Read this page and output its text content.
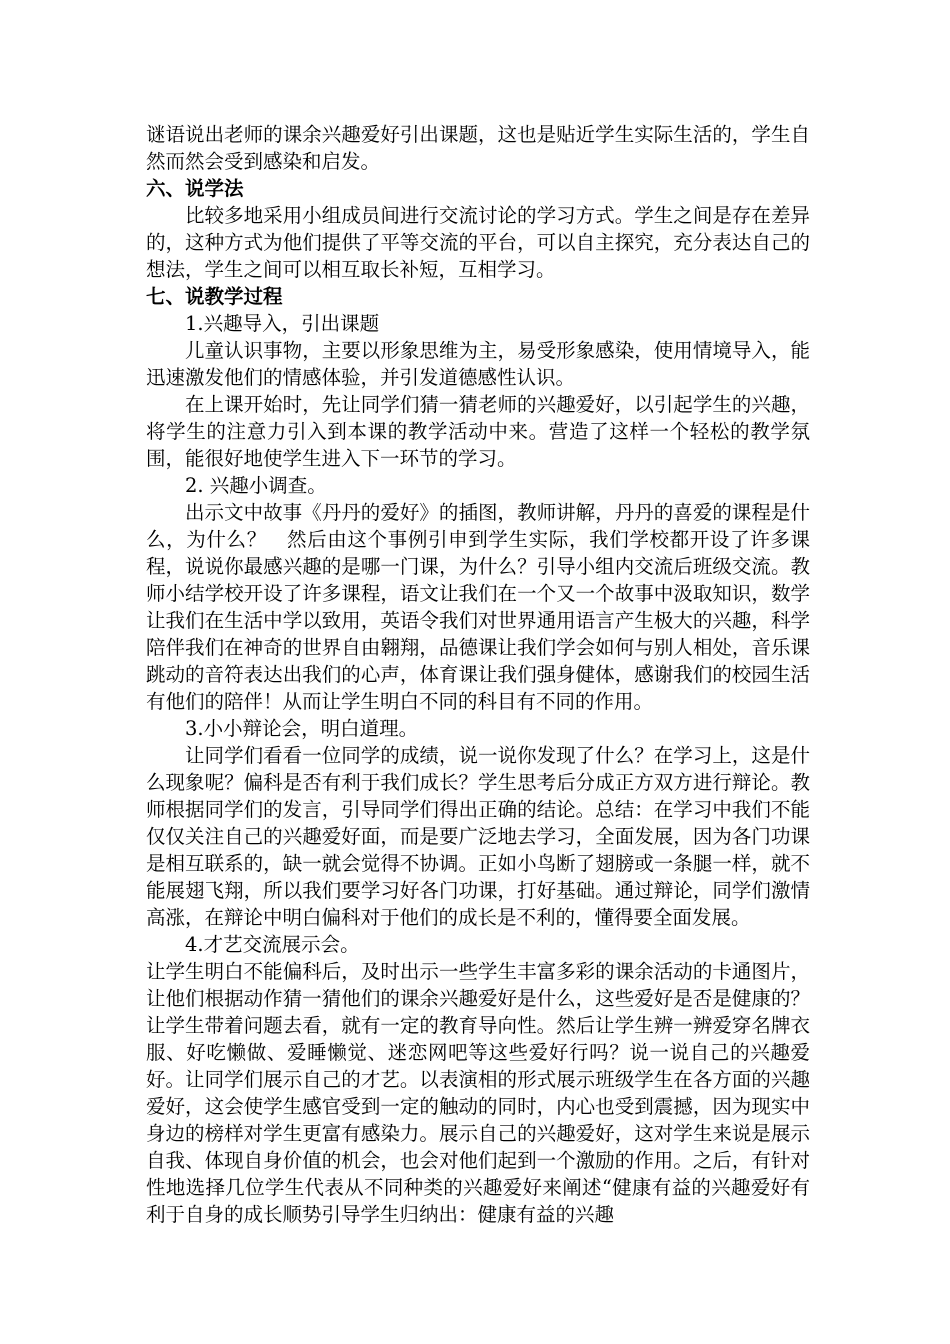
谜语说出老师的课余兴趣爱好引出课题，这也是贴近学生实际生活的，学生自然而然会受到感染和启发。

六、说学法

比较多地采用小组成员间进行交流讨论的学习方式。学生之间是存在差异的，这种方式为他们提供了平等交流的平台，可以自主探究，充分表达自己的想法，学生之间可以相互取长补短，互相学习。

七、说教学过程

1.兴趣导入，引出课题

儿童认识事物，主要以形象思维为主，易受形象感染，使用情境导入，能迅速激发他们的情感体验，并引发道德感性认识。

在上课开始时，先让同学们猜一猜老师的兴趣爱好，以引起学生的兴趣，将学生的注意力引入到本课的教学活动中来。营造了这样一个轻松的教学氛围，能很好地使学生进入下一环节的学习。

2. 兴趣小调查。

出示文中故事《丹丹的爱好》的插图，教师讲解，丹丹的喜爱的课程是什么，为什么？　然后由这个事例引申到学生实际，我们学校都开设了许多课程，说说你最感兴趣的是哪一门课，为什么？引导小组内交流后班级交流。教师小结学校开设了许多课程，语文让我们在一个又一个故事中汲取知识，数学让我们在生活中学以致用，英语令我们对世界通用语言产生极大的兴趣，科学陪伴我们在神奇的世界自由翱翔，品德课让我们学会如何与别人相处，音乐课跳动的音符表达出我们的心声，体育课让我们强身健体，感谢我们的校园生活有他们的陪伴！从而让学生明白不同的科目有不同的作用。

3.小小辩论会，明白道理。

让同学们看看一位同学的成绩，说一说你发现了什么？在学习上，这是什么现象呢？偏科是否有利于我们成长？学生思考后分成正方双方进行辩论。教师根据同学们的发言，引导同学们得出正确的结论。总结：在学习中我们不能仅仅关注自己的兴趣爱好面，而是要广泛地去学习，全面发展，因为各门功课是相互联系的，缺一就会觉得不协调。正如小鸟断了翅膀或一条腿一样，就不能展翅飞翔，所以我们要学习好各门功课，打好基础。通过辩论，同学们激情高涨，在辩论中明白偏科对于他们的成长是不利的，懂得要全面发展。

4.才艺交流展示会。

让学生明白不能偏科后，及时出示一些学生丰富多彩的课余活动的卡通图片，让他们根据动作猜一猜他们的课余兴趣爱好是什么，这些爱好是否是健康的？让学生带着问题去看，就有一定的教育导向性。然后让学生辨一辨爱穿名牌衣服、好吃懒做、爱睡懒觉、迷恋网吧等这些爱好行吗？说一说自己的兴趣爱好。让同学们展示自己的才艺。以表演相的形式展示班级学生在各方面的兴趣爱好，这会使学生感官受到一定的触动的同时，内心也受到震撼，因为现实中身边的榜样对学生更富有感染力。展示自己的兴趣爱好，这对学生来说是展示自我、体现自身价值的机会，也会对他们起到一个激励的作用。之后，有针对性地选择几位学生代表从不同种类的兴趣爱好来阐述“健康有益的兴趣爱好有利于自身的成长顺势引导学生归纳出：健康有益的兴趣
